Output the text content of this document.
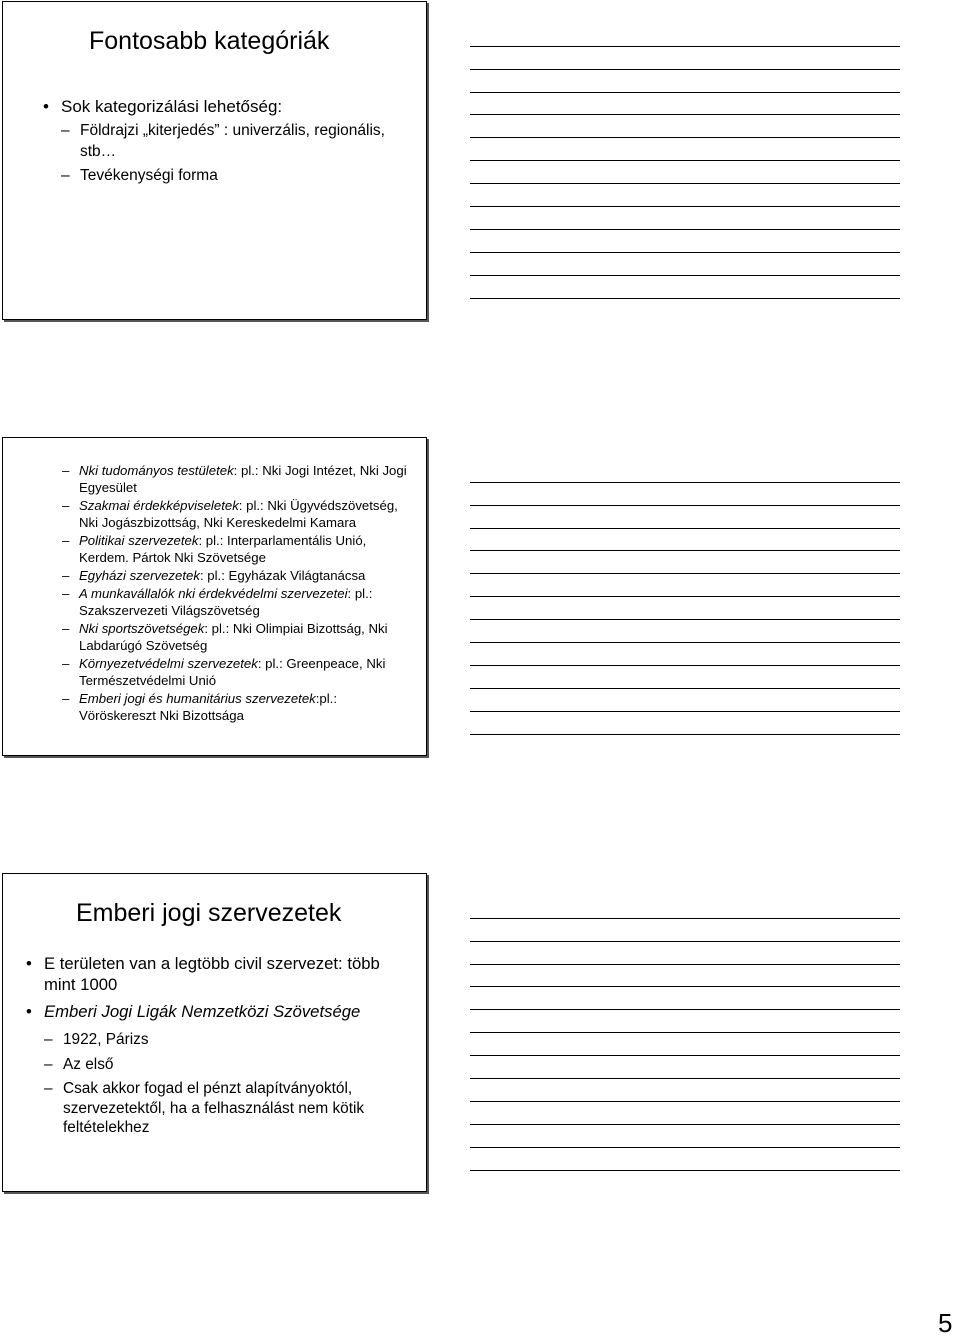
Fontosabb kategóriák
• Sok kategorizálási lehetőség:
– Földrajzi „kiterjedés” : univerzális, regionális, stb…
– Tevékenységi forma
– Nki tudományos testületek: pl.: Nki Jogi Intézet, Nki Jogi Egyesület
– Szakmai érdekképviseletek: pl.: Nki Ügyvédszövetség, Nki Jogászbizottság, Nki Kereskedelmi Kamara
– Politikai szervezetek: pl.: Interparlamentális Unió, Kerdem. Pártok Nki Szövetsége
– Egyházi szervezetek: pl.: Egyházak Világtanácsa
– A munkavállalók nki érdekvédelmi szervezetei: pl.: Szakszervezeti Világszövetség
– Nki sportszövetségek: pl.: Nki Olimpiai Bizottság, Nki Labdarúgó Szövetség
– Környezetvédelmi szervezetek: pl.: Greenpeace, Nki Természetvédelmi Unió
– Emberi jogi és humanitárius szervezetek:pl.: Vöröskereszt Nki Bizottsága
Emberi jogi szervezetek
• E területen van a legtöbb civil szervezet: több mint 1000
• Emberi Jogi Ligák Nemzetközi Szövetsége
– 1922, Párizs
– Az első
– Csak akkor fogad el pénzt alapítványoktól, szervezetektől, ha a felhasználást nem kötik feltételekhez
5
